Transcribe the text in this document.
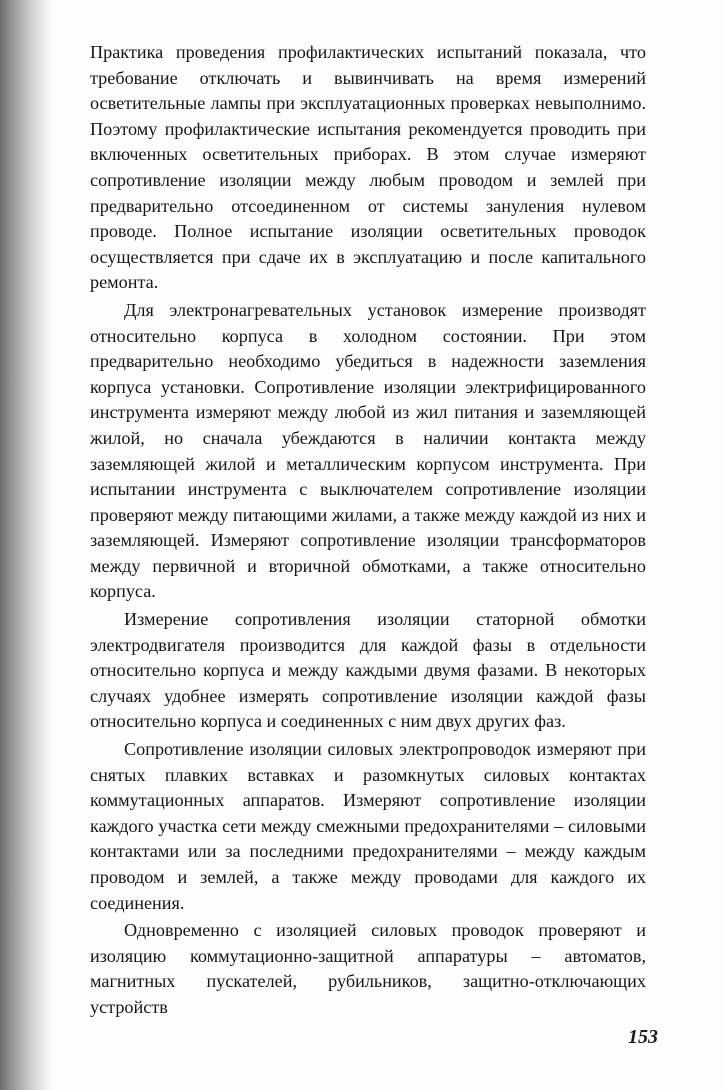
Практика проведения профилактических испытаний показала, что требование отключать и вывинчивать на время измерений осветительные лампы при эксплуатационных проверках невыполнимо. Поэтому профилактические испытания рекомендуется проводить при включенных осветительных приборах. В этом случае измеряют сопротивление изоляции между любым проводом и землей при предварительно отсоединенном от системы зануления нулевом проводе. Полное испытание изоляции осветительных проводок осуществляется при сдаче их в эксплуатацию и после капитального ремонта.

Для электронагревательных установок измерение производят относительно корпуса в холодном состоянии. При этом предварительно необходимо убедиться в надежности заземления корпуса установки. Сопротивление изоляции электрифицированного инструмента измеряют между любой из жил питания и заземляющей жилой, но сначала убеждаются в наличии контакта между заземляющей жилой и металлическим корпусом инструмента. При испытании инструмента с выключателем сопротивление изоляции проверяют между питающими жилами, а также между каждой из них и заземляющей. Измеряют сопротивление изоляции трансформаторов между первичной и вторичной обмотками, а также относительно корпуса.

Измерение сопротивления изоляции статорной обмотки электродвигателя производится для каждой фазы в отдельности относительно корпуса и между каждыми двумя фазами. В некоторых случаях удобнее измерять сопротивление изоляции каждой фазы относительно корпуса и соединенных с ним двух других фаз.

Сопротивление изоляции силовых электропроводок измеряют при снятых плавких вставках и разомкнутых силовых контактах коммутационных аппаратов. Измеряют сопротивление изоляции каждого участка сети между смежными предохранителями – силовыми контактами или за последними предохранителями – между каждым проводом и землей, а также между проводами для каждого их соединения.

Одновременно с изоляцией силовых проводок проверяют и изоляцию коммутационно-защитной аппаратуры – автоматов, магнитных пускателей, рубильников, защитно-отключающих устройств

153
